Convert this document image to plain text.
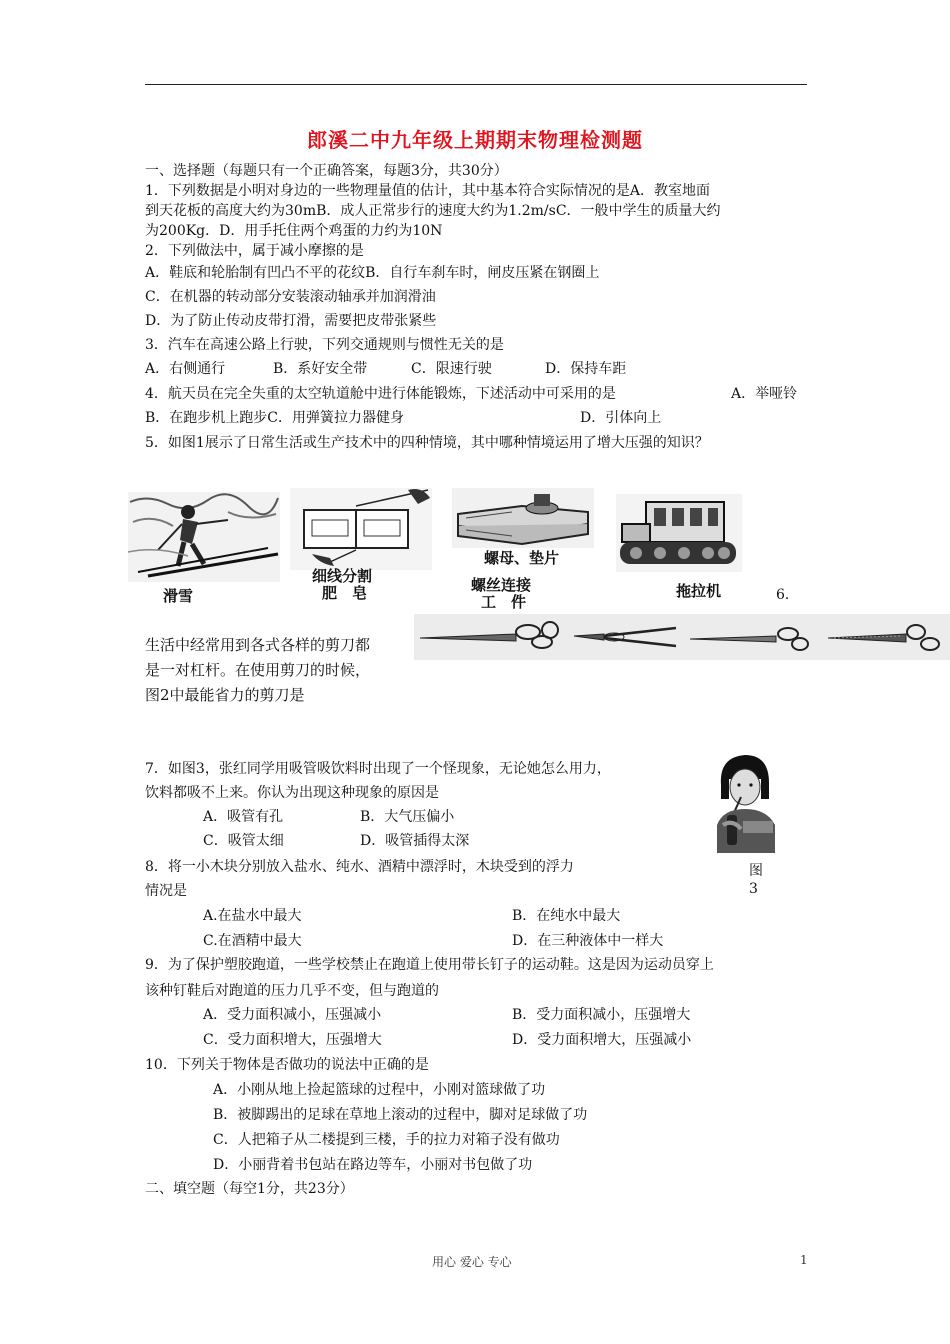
郎溪二中九年级上期期末物理检测题
一、选择题（每题只有一个正确答案，每题3分，共30分）
1．下列数据是小明对身边的一些物理量值的估计，其中基本符合实际情况的是A．教室地面
到天花板的高度大约为30mB．成人正常步行的速度大约为1.2m/sC．一般中学生的质量大约
为200Kg．D．用手托住两个鸡蛋的力约为10N
2．下列做法中，属于减小摩擦的是
A．鞋底和轮胎制有凹凸不平的花纹B．自行车刹车时，闸皮压紧在钢圈上
C．在机器的转动部分安装滚动轴承并加润滑油
D．为了防止传动皮带打滑，需要把皮带张紧些
3．汽车在高速公路上行驶，下列交通规则与惯性无关的是
A．右侧通行	B．系好安全带	C．限速行驶	D．保持车距
4．航天员在完全失重的太空轨道舱中进行体能锻炼，下述活动中可采用的是	A．举哑铃
B．在跑步机上跑步C．用弹簧拉力器健身	D．引体向上
5．如图1展示了日常生活或生产技术中的四种情境，其中哪种情境运用了增大压强的知识？
滑雪
细线分割
肥　皂
螺母、垫片
螺丝连接
工　件
拖拉机	6．
生活中经常用到各式各样的剪刀都
是一对杠杆。在使用剪刀的时候，
图2中最能省力的剪刀是
7．如图3，张红同学用吸管吸饮料时出现了一个怪现象，无论她怎么用力，
饮料都吸不上来。你认为出现这种现象的原因是
A．吸管有孔	B．大气压偏小
C．吸管太细	D．吸管插得太深
图
3
8．将一小木块分别放入盐水、纯水、酒精中漂浮时，木块受到的浮力
情况是
A.在盐水中最大	B．在纯水中最大
C.在酒精中最大	D．在三种液体中一样大
9．为了保护塑胶跑道，一些学校禁止在跑道上使用带长钉子的运动鞋。这是因为运动员穿上
该种钉鞋后对跑道的压力几乎不变，但与跑道的
A．受力面积减小，压强减小	B．受力面积减小，压强增大
C．受力面积增大，压强增大	D．受力面积增大，压强减小
10．下列关于物体是否做功的说法中正确的是
A．小刚从地上捡起篮球的过程中，小刚对篮球做了功
B．被脚踢出的足球在草地上滚动的过程中，脚对足球做了功
C．人把箱子从二楼提到三楼，手的拉力对箱子没有做功
D．小丽背着书包站在路边等车，小丽对书包做了功
二、填空题（每空1分，共23分）
用心 爱心 专心	1
